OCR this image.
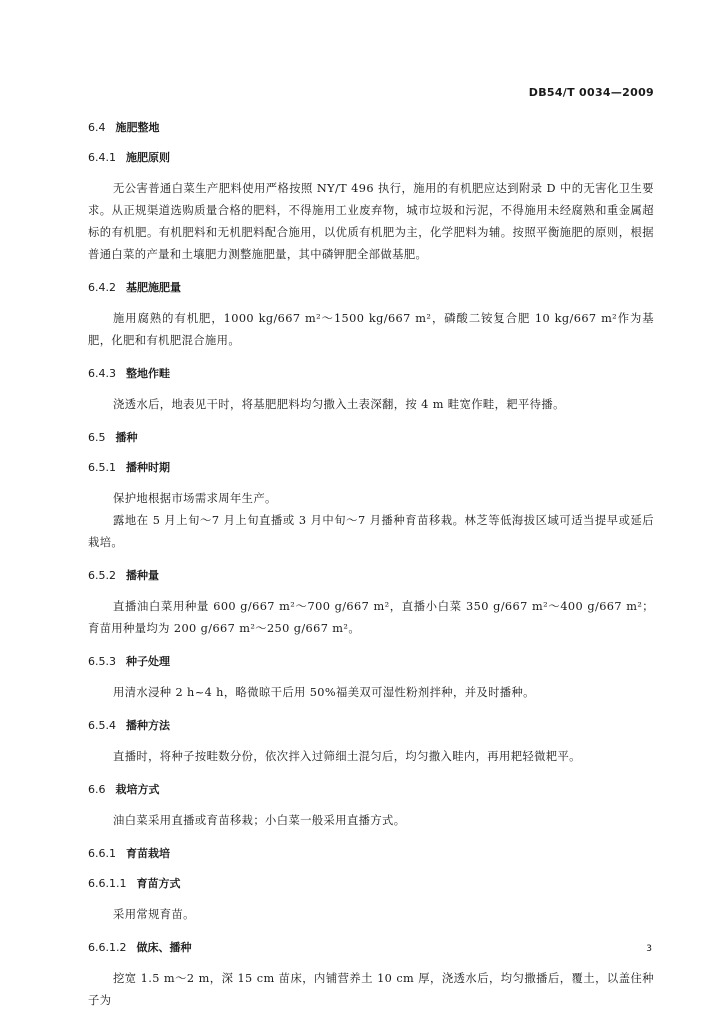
DB54/T 0034—2009
6.4 施肥整地
6.4.1 施肥原则

无公害普通白菜生产肥料使用严格按照 NY/T 496 执行，施用的有机肥应达到附录 D 中的无害化卫生要求。从正规渠道选购质量合格的肥料，不得施用工业废弃物，城市垃圾和污泥，不得施用未经腐熟和重金属超标的有机肥。有机肥料和无机肥料配合施用，以优质有机肥为主，化学肥料为辅。按照平衡施肥的原则，根据普通白菜的产量和土壤肥力测整施肥量，其中磷钾肥全部做基肥。

6.4.2 基肥施肥量

施用腐熟的有机肥，1000 kg/667 m²～1500 kg/667 m²，磷酸二铵复合肥 10 kg/667 m²作为基肥，化肥和有机肥混合施用。

6.4.3 整地作畦

浇透水后，地表见干时，将基肥肥料均匀撒入土表深翻，按 4 m 畦宽作畦，耙平待播。

6.5 播种
6.5.1 播种时期

保护地根据市场需求周年生产。

露地在 5 月上旬～7 月上旬直播或 3 月中旬～7 月播种育苗移栽。林芝等低海拔区域可适当提早或延后栽培。

6.5.2 播种量

直播油白菜用种量 600 g/667 m²～700 g/667 m²，直播小白菜 350 g/667 m²～400 g/667 m²；育苗用种量均为 200 g/667 m²～250 g/667 m²。

6.5.3 种子处理

用清水浸种 2 h~4 h，略微晾干后用 50%福美双可湿性粉剂拌种，并及时播种。

6.5.4 播种方法

直播时，将种子按畦数分份，依次拌入过筛细土混匀后，均匀撒入畦内，再用耙轻微耙平。

6.6 栽培方式

油白菜采用直播或育苗移栽；小白菜一般采用直播方式。

6.6.1 育苗栽培
6.6.1.1 育苗方式

采用常规育苗。

6.6.1.2 做床、播种

挖宽 1.5 m～2 m，深 15 cm 苗床，内铺营养土 10 cm 厚，浇透水后，均匀撒播后，覆土，以盖住种子为

3
